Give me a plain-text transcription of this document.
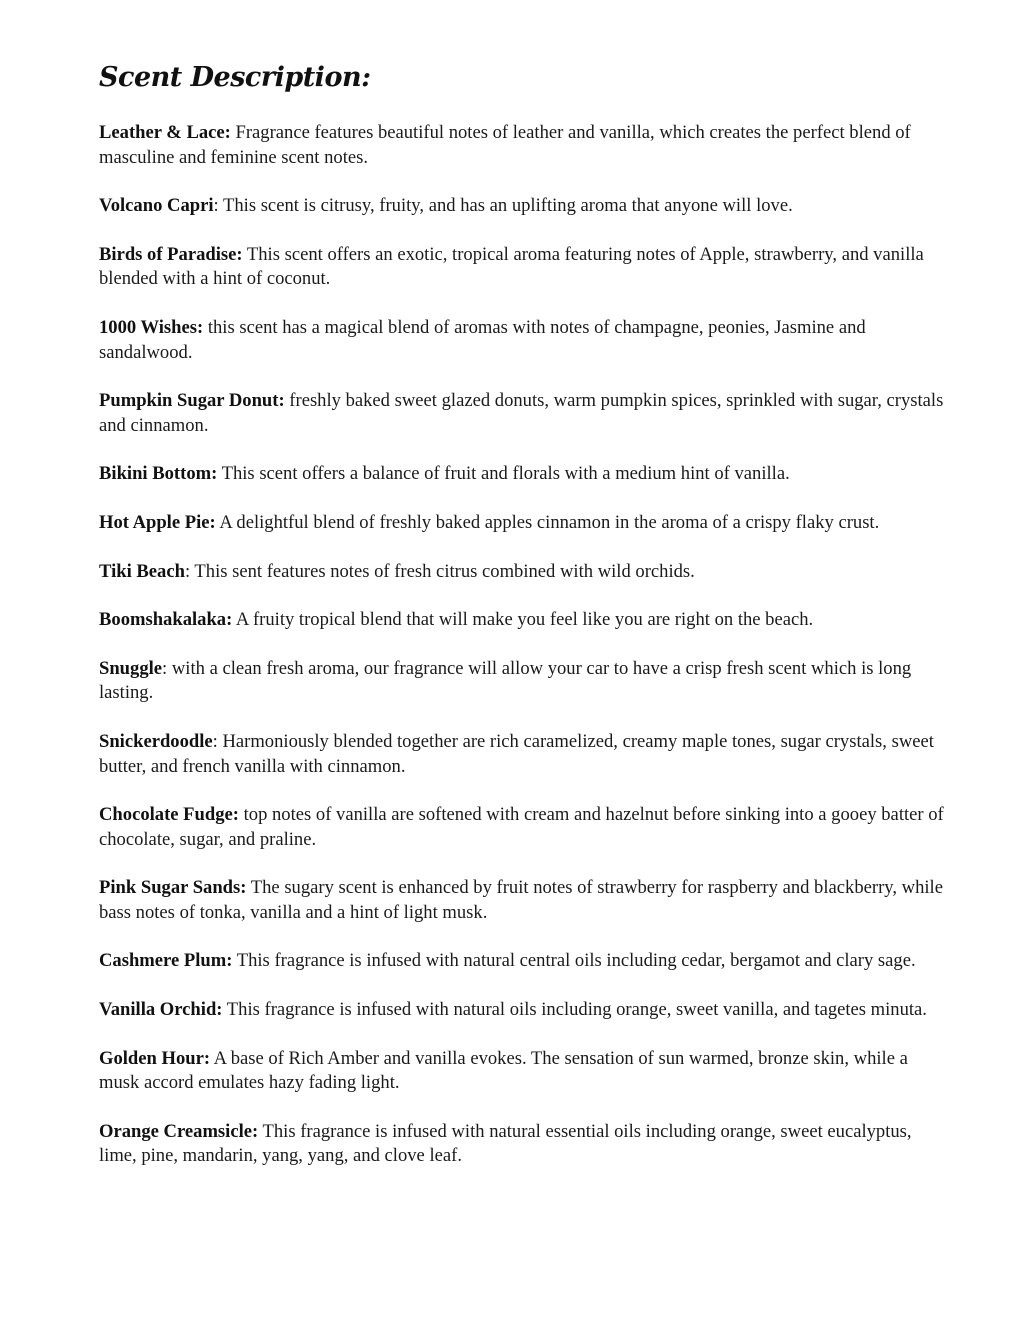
Scent Description:
Leather & Lace: Fragrance features beautiful notes of leather and vanilla, which creates the perfect blend of masculine and feminine scent notes.
Volcano Capri: This scent is citrusy, fruity, and has an uplifting aroma that anyone will love.
Birds of Paradise: This scent offers an exotic, tropical aroma featuring notes of Apple, strawberry, and vanilla blended with a hint of coconut.
1000 Wishes: this scent has a magical blend of aromas with notes of champagne, peonies, Jasmine and sandalwood.
Pumpkin Sugar Donut: freshly baked sweet glazed donuts, warm pumpkin spices, sprinkled with sugar, crystals and cinnamon.
Bikini Bottom: This scent offers a balance of fruit and florals with a medium hint of vanilla.
Hot Apple Pie: A delightful blend of freshly baked apples cinnamon in the aroma of a crispy flaky crust.
Tiki Beach: This sent features notes of fresh citrus combined with wild orchids.
Boomshakalaka: A fruity tropical blend that will make you feel like you are right on the beach.
Snuggle: with a clean fresh aroma, our fragrance will allow your car to have a crisp fresh scent which is long lasting.
Snickerdoodle: Harmoniously blended together are rich caramelized, creamy maple tones, sugar crystals, sweet butter, and french vanilla with cinnamon.
Chocolate Fudge: top notes of vanilla are softened with cream and hazelnut before sinking into a gooey batter of chocolate, sugar, and praline.
Pink Sugar Sands: The sugary scent is enhanced by fruit notes of strawberry for raspberry and blackberry, while bass notes of tonka, vanilla and a hint of light musk.
Cashmere Plum: This fragrance is infused with natural central oils including cedar, bergamot and clary sage.
Vanilla Orchid: This fragrance is infused with natural oils including orange, sweet vanilla, and tagetes minuta.
Golden Hour: A base of Rich Amber and vanilla evokes. The sensation of sun warmed, bronze skin, while a musk accord emulates hazy fading light.
Orange Creamsicle: This fragrance is infused with natural essential oils including orange, sweet eucalyptus, lime, pine, mandarin, yang, yang, and clove leaf.
